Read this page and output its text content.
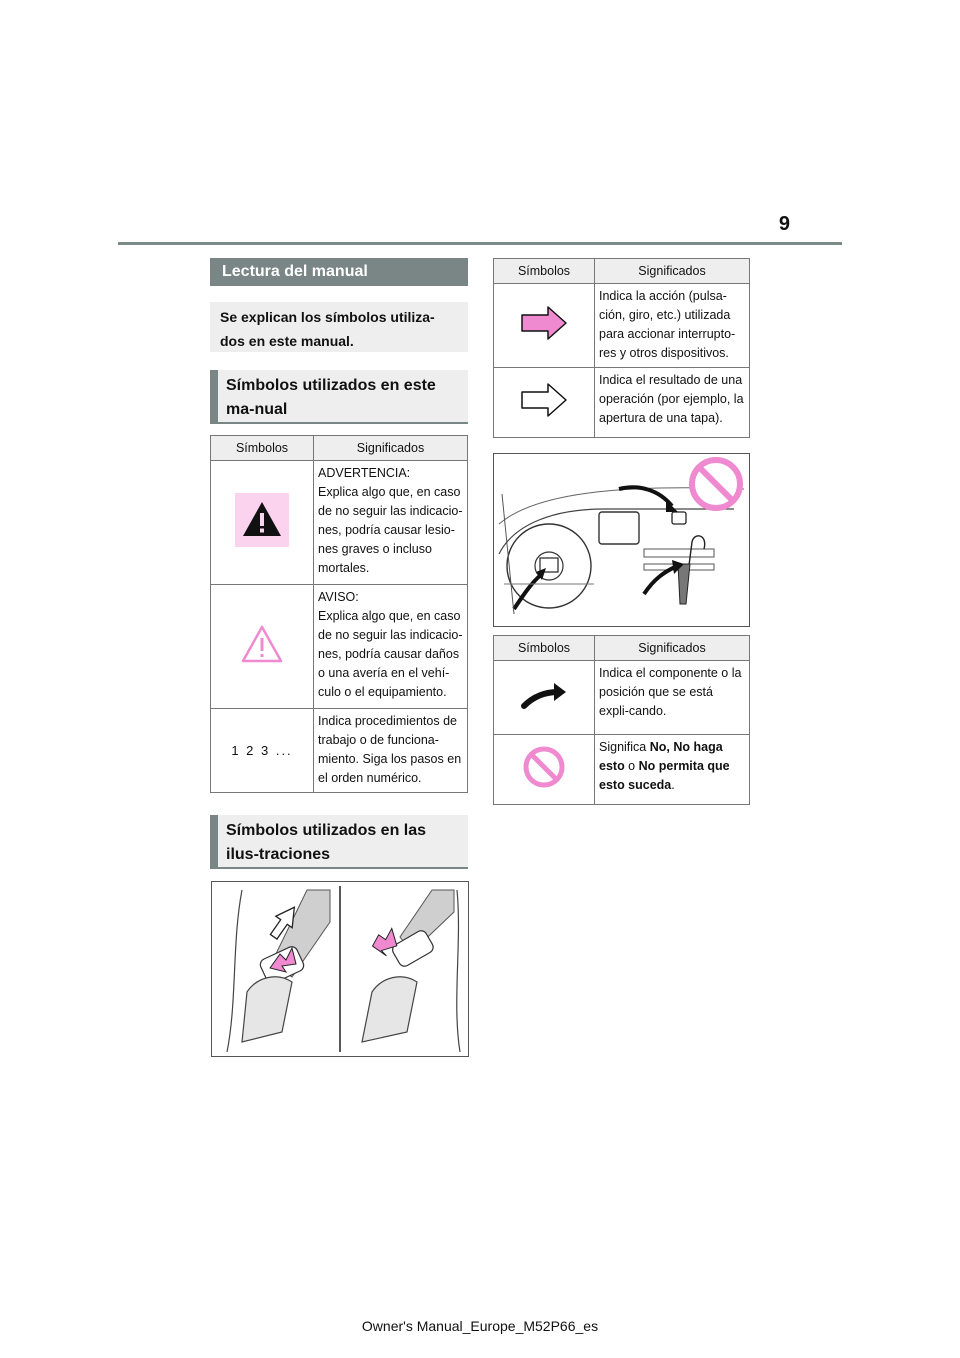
9
Lectura del manual
Se explican los símbolos utiliza-dos en este manual.
Símbolos utilizados en este ma-nual
Símbolos	Significados

ADVERTENCIA:
Explica algo que, en caso de no seguir las indicacio-nes, podría causar lesio-nes graves o incluso mortales.

AVISO:
Explica algo que, en caso de no seguir las indicacio-nes, podría causar daños o una avería en el vehí-culo o el equipamiento.

1 2 3 ...	Indica procedimientos de trabajo o de funciona-miento. Siga los pasos en el orden numérico.
Símbolos utilizados en las ilus-traciones
Símbolos	Significados
	Indica la acción (pulsa-ción, giro, etc.) utilizada para accionar interrupto-res y otros dispositivos.
	Indica el resultado de una operación (por ejemplo, la apertura de una tapa).
Símbolos	Significados
	Indica el componente o la posición que se está expli-cando.
	Significa No, No haga esto o No permita que esto suceda.
Owner's Manual_Europe_M52P66_es
